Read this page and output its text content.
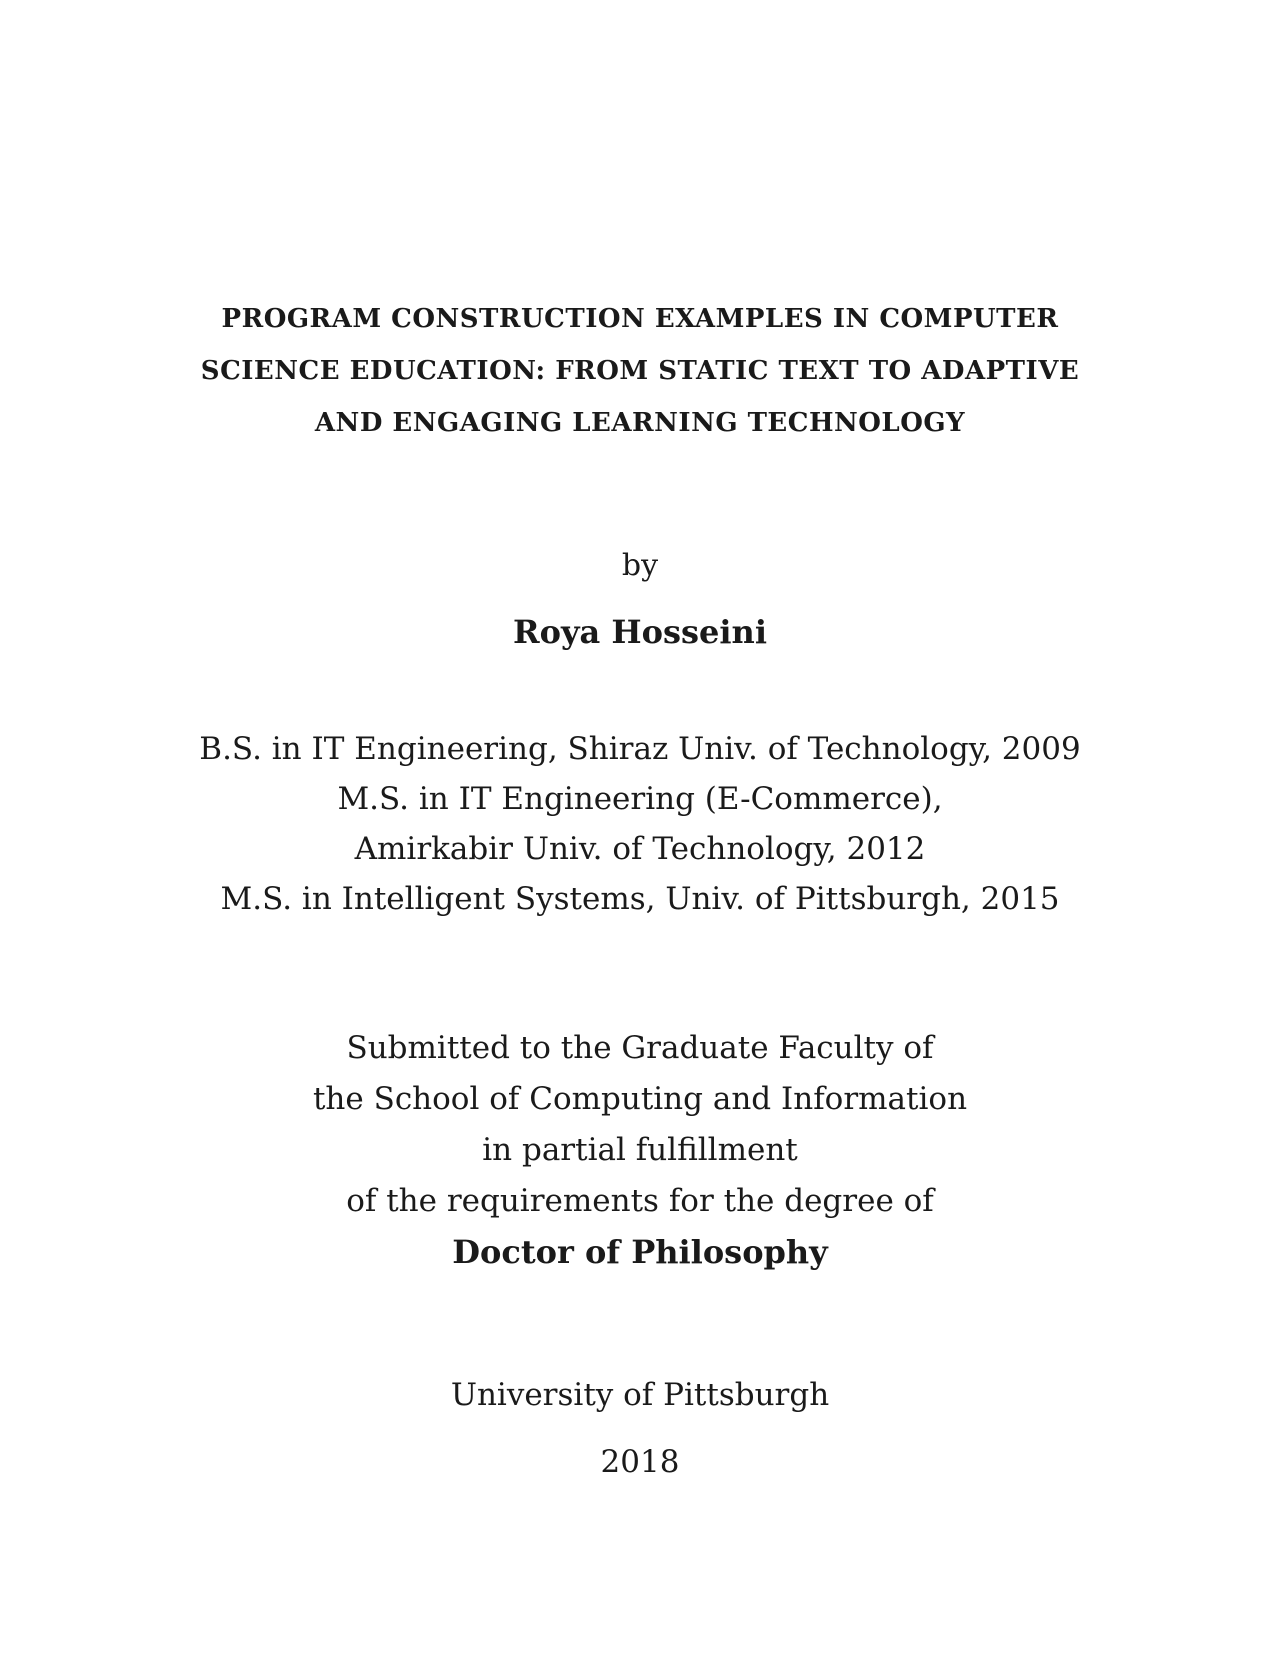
PROGRAM CONSTRUCTION EXAMPLES IN COMPUTER
SCIENCE EDUCATION: FROM STATIC TEXT TO ADAPTIVE
AND ENGAGING LEARNING TECHNOLOGY
by
Roya Hosseini
B.S. in IT Engineering, Shiraz Univ. of Technology, 2009
M.S. in IT Engineering (E-Commerce),
Amirkabir Univ. of Technology, 2012
M.S. in Intelligent Systems, Univ. of Pittsburgh, 2015
Submitted to the Graduate Faculty of
the School of Computing and Information
in partial fulfillment
of the requirements for the degree of
Doctor of Philosophy
University of Pittsburgh
2018
